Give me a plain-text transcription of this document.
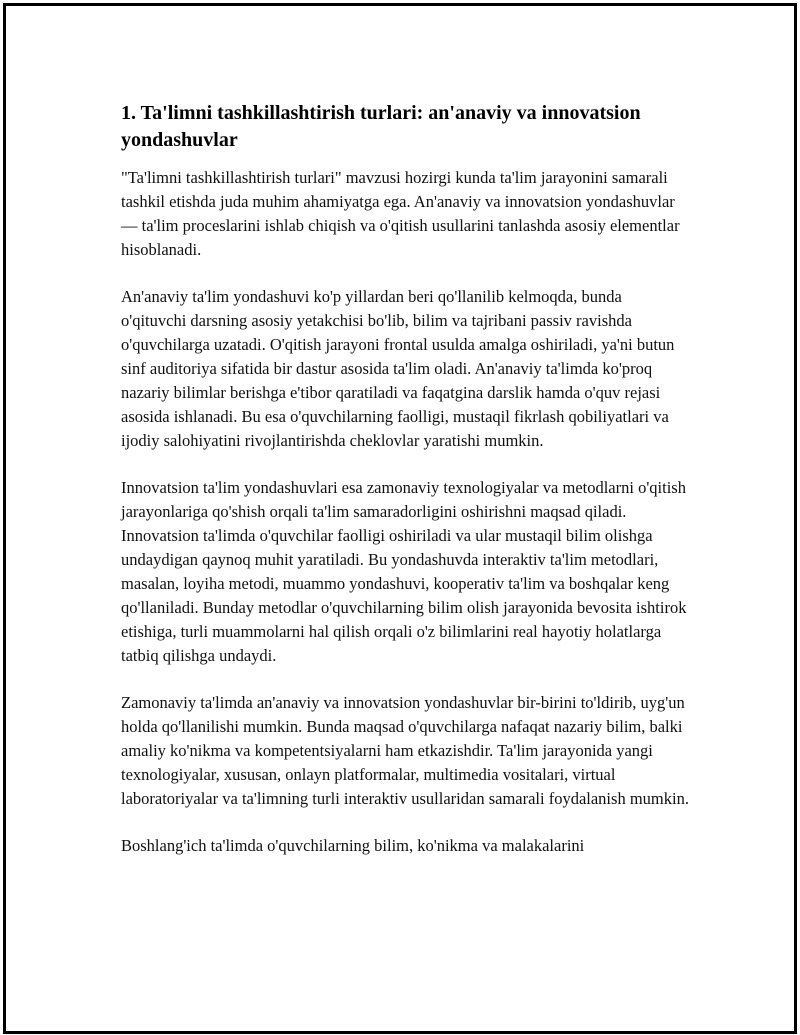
1. Ta'limni tashkillashtirish turlari: an'anaviy va innovatsion yondashuvlar

"Ta'limni tashkillashtirish turlari" mavzusi hozirgi kunda ta'lim jarayonini samarali tashkil etishda juda muhim ahamiyatga ega. An'anaviy va innovatsion yondashuvlar — ta'lim proceslarini ishlab chiqish va o'qitish usullarini tanlashda asosiy elementlar hisoblanadi.

An'anaviy ta'lim yondashuvi ko'p yillardan beri qo'llanilib kelmoqda, bunda o'qituvchi darsning asosiy yetakchisi bo'lib, bilim va tajribani passiv ravishda o'quvchilarga uzatadi. O'qitish jarayoni frontal usulda amalga oshiriladi, ya'ni butun sinf auditoriya sifatida bir dastur asosida ta'lim oladi. An'anaviy ta'limda ko'proq nazariy bilimlar berishga e'tibor qaratiladi va faqatgina darslik hamda o'quv rejasi asosida ishlanadi. Bu esa o'quvchilarning faolligi, mustaqil fikrlash qobiliyatlari va ijodiy salohiyatini rivojlantirishda cheklovlar yaratishi mumkin.

Innovatsion ta'lim yondashuvlari esa zamonaviy texnologiyalar va metodlarni o'qitish jarayonlariga qo'shish orqali ta'lim samaradorligini oshirishni maqsad qiladi. Innovatsion ta'limda o'quvchilar faolligi oshiriladi va ular mustaqil bilim olishga undaydigan qaynoq muhit yaratiladi. Bu yondashuvda interaktiv ta'lim metodlari, masalan, loyiha metodi, muammo yondashuvi, kooperativ ta'lim va boshqalar keng qo'llaniladi. Bunday metodlar o'quvchilarning bilim olish jarayonida bevosita ishtirok etishiga, turli muammolarni hal qilish orqali o'z bilimlarini real hayotiy holatlarga tatbiq qilishga undaydi.

Zamonaviy ta'limda an'anaviy va innovatsion yondashuvlar bir-birini to'ldirib, uyg'un holda qo'llanilishi mumkin. Bunda maqsad o'quvchilarga nafaqat nazariy bilim, balki amaliy ko'nikma va kompetentsiyalarni ham etkazishdir. Ta'lim jarayonida yangi texnologiyalar, xususan, onlayn platformalar, multimedia vositalari, virtual laboratoriyalar va ta'limning turli interaktiv usullaridan samarali foydalanish mumkin.

Boshlang'ich ta'limda o'quvchilarning bilim, ko'nikma va malakalarini
